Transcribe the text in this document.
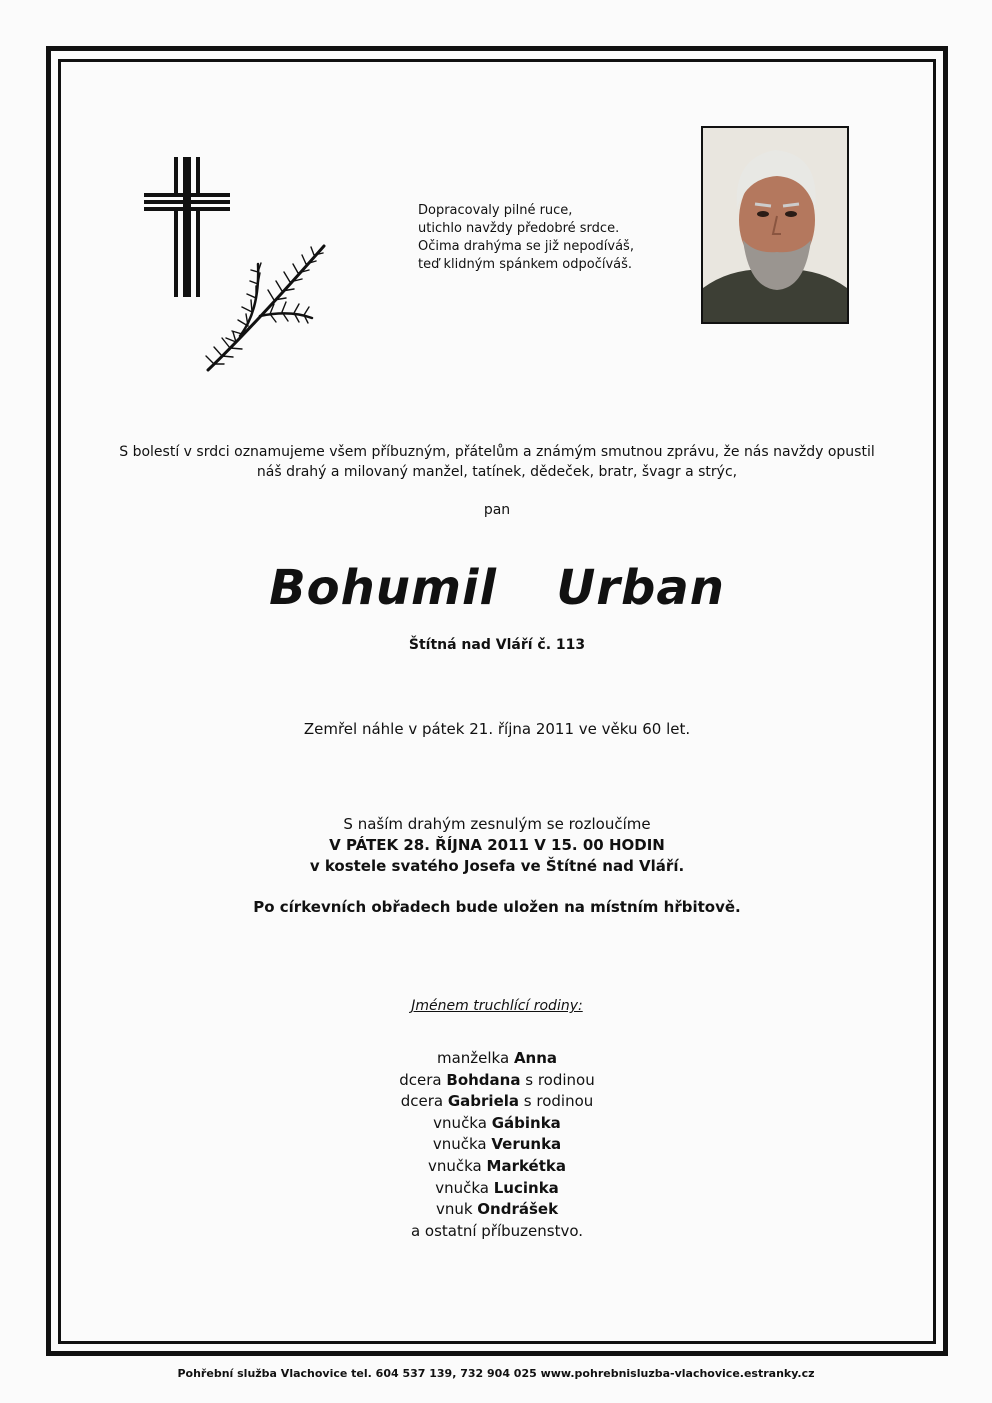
Dopracovaly pilné ruce,
utichlo navždy předobré srdce.
Očima drahýma se již nepodíváš,
teď klidným spánkem odpočíváš.
S bolestí v srdci oznamujeme všem příbuzným, přátelům a známým smutnou zprávu, že nás navždy opustil
náš drahý a milovaný manžel, tatínek, dědeček, bratr, švagr a strýc,
pan
Bohumil  Urban
Štítná nad Vláří č. 113
Zemřel náhle v pátek 21. října 2011 ve věku 60 let.
S naším drahým zesnulým se rozloučíme
V PÁTEK 28. ŘÍJNA 2011 V 15. 00 HODIN
v kostele svatého Josefa ve Štítné nad Vláří.
Po církevních obřadech bude uložen na místním hřbitově.
Jménem truchlící rodiny:
manželka Anna
dcera Bohdana s rodinou
dcera Gabriela s rodinou
vnučka Gábinka
vnučka Verunka
vnučka Markétka
vnučka Lucinka
vnuk Ondrášek
a ostatní příbuzenstvo.
Pohřební služba Vlachovice tel. 604 537 139, 732 904 025 www.pohrebnisluzba-vlachovice.estranky.cz
